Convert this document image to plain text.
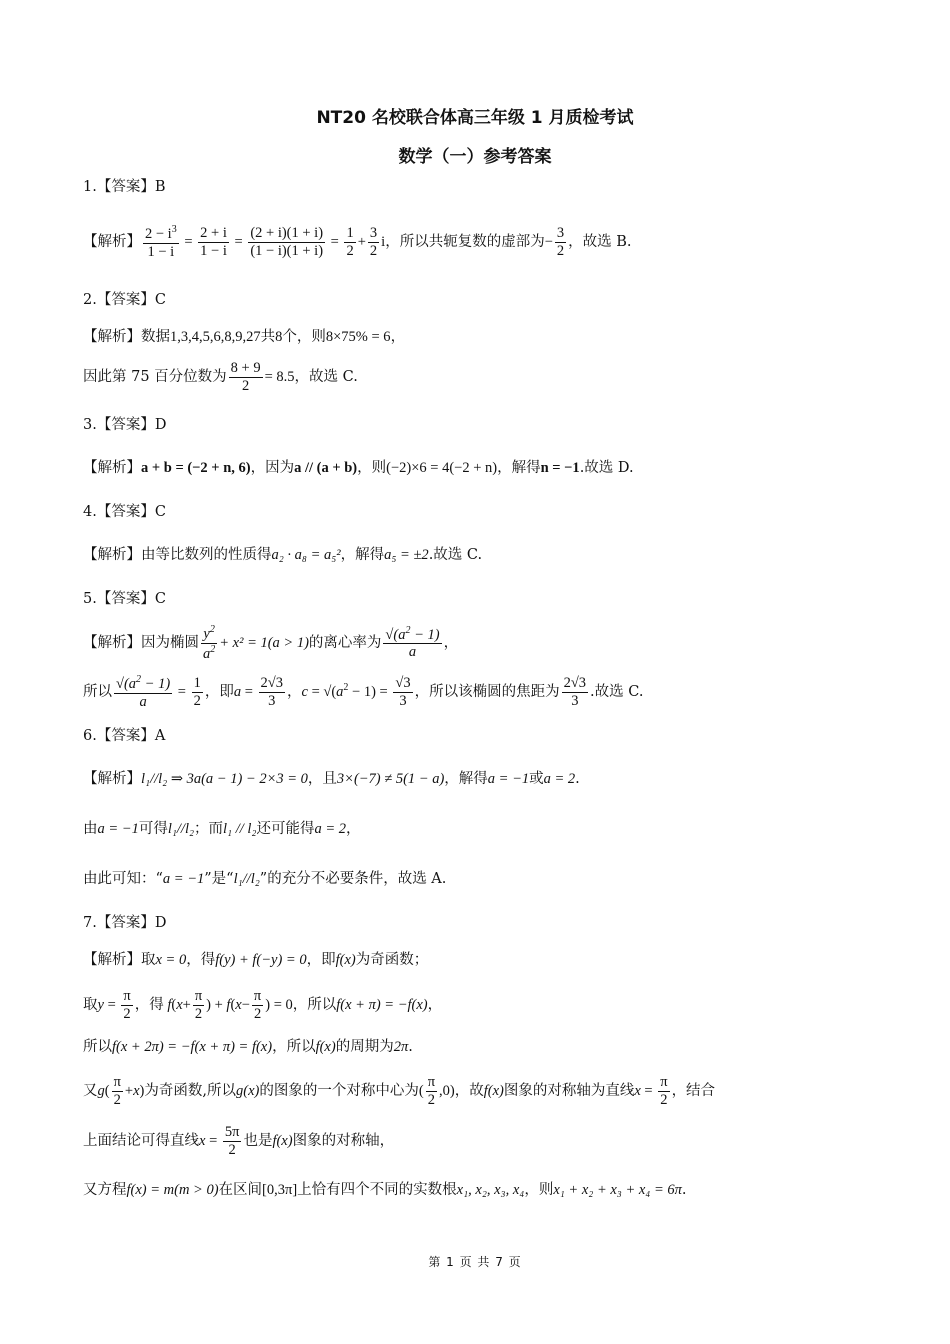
NT20 名校联合体高三年级 1 月质检考试
数学（一）参考答案
1.【答案】B
【解析】 $\frac{2 - i^3}{1 - i} = \frac{2 + i}{1 - i} = \frac{(2 + i)(1 + i)}{(1 - i)(1 + i)} = \frac{1}{2} + \frac{3}{2}$ i，所以共轭复数的虚部为− $\frac{3}{2}$ ，故选 B.
2.【答案】C
【解析】数据1,3,4,5,6,8,9,27共8个，则8×75% = 6，
因此第 75 百分位数为 $\frac{8 + 9}{2} = 8.5$，故选 C.
3.【答案】D
【解析】a + b = (−2 + n, 6)，因为a // (a + b)，则(−2)×6 = 4(−2 + n)，解得n = −1.故选 D.
4.【答案】C
【解析】由等比数列的性质得a₂ · a₈ = a₅²，解得a₅ = ±2.故选 C.
5.【答案】C
【解析】因为椭圆 $\frac{y^2}{a^2} + x^2 = 1(a > 1)$的离心率为 $\frac{√(a^2 - 1)}{a}$ ，
所以 $\frac{√(a^2 - 1)}{a} = \frac{1}{2}$ ，即$a = \frac{2√3}{3}$ ，$c = √(a^2 - 1) = \frac{√3}{3}$ ，所以该椭圆的焦距为 $\frac{2√3}{3}$ .故选 C.
6.【答案】A
【解析】l₁//l₂ ⇒ 3a(a − 1) − 2×3 = 0，且3×(−7) ≠ 5(1 − a)，解得a = −1或a = 2.
由a = −1可得l₁//l₂；而l₁ // l₂还可能得a = 2，
由此可知：“a = −1”是“l₁//l₂”的充分不必要条件，故选 A.
7.【答案】D
【解析】取x = 0，得f(y) + f(−y) = 0，即f(x)为奇函数；
取$y = \frac{\pi}{2}$ ，得 $f(x+ \frac{\pi}{2}$ ) + $f(x- \frac{\pi}{2}$ ) = 0，所以f(x + π) = −f(x)，
所以f(x + 2π) = −f(x + π) = f(x)，所以f(x)的周期为2π.
又$g( \frac{\pi}{2} +x)$为奇函数,所以g(x)的图象的一个对称中心为( $\frac{\pi}{2} ,0$)，故f(x)图象的对称轴为直线$x = \frac{\pi}{2}$ ，结合
上面结论可得直线$x = \frac{5\pi}{2}$ 也是f(x)图象的对称轴，
又方程f(x) = m(m > 0)在区间[0,3π]上恰有四个不同的实数根x₁, x₂, x₃, x₄，则x₁ + x₂ + x₃ + x₄ = 6π.
第 1 页 共 7 页
